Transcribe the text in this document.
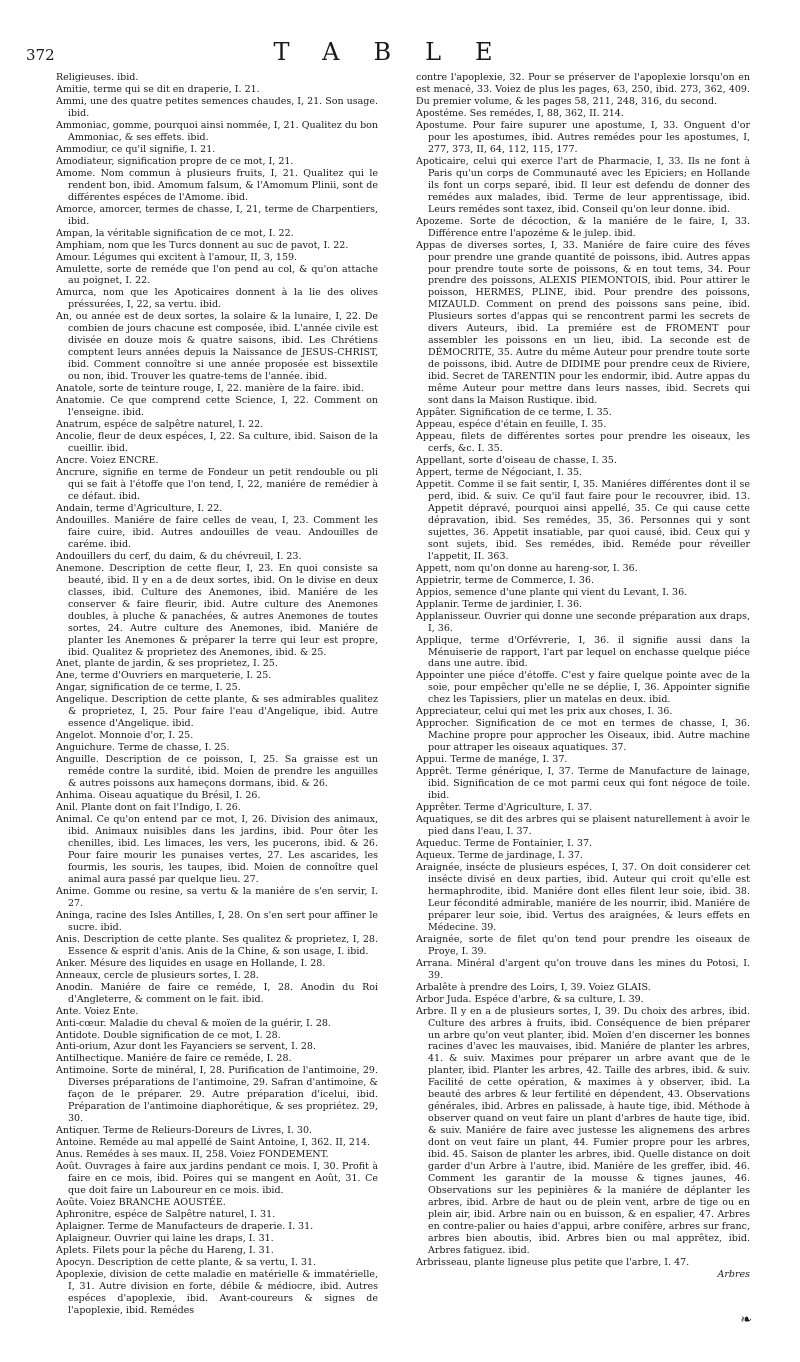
372	TABLE

Religieuses. ibid.

Amitie, terme qui se dit en draperie, I. 21.

Ammi, une des quatre petites semences chaudes, I, 21. Son usage. ibid.

Ammoniac, gomme, pourquoi ainsi nommée, I, 21. Qualitez du bon Ammoniac, & ses effets. ibid.

Ammodiur, ce qu'il signifie, I. 21.

Amodiateur, signification propre de ce mot, I, 21.

Amome. Nom commun à plusieurs fruits, I, 21. Qualitez qui le rendent bon, ibid. Amomum falsum, & l'Amomum Plinii, sont de différentes espéces de l'Amome. ibid.

Amorce, amorcer, termes de chasse, I, 21, terme de Charpentiers, ibid.

Ampan, la véritable signification de ce mot, I. 22.

Amphiam, nom que les Turcs donnent au suc de pavot, I. 22.

Amour. Légumes qui excitent à l'amour, II, 3, 159.

Amulette, sorte de reméde que l'on pend au col, & qu'on attache au poignet, I. 22.

Amurca, nom que les Apoticaires donnent à la lie des olives préssurées, I, 22, sa vertu. ibid.

An, ou année est de deux sortes, la solaire & la lunaire, I, 22. De combien de jours chacune est composée, ibid. L'année civile est divisée en douze mois & quatre saisons, ibid. Les Chrétiens comptent leurs années depuis la Naissance de JESUS-CHRIST, ibid. Comment connoître si une année proposée est bissextile ou non, ibid. Trouver les quatre-tems de l'année. ibid.

Anatole, sorte de teinture rouge, I, 22. manière de la faire. ibid.

Anatomie. Ce que comprend cette Science, I, 22. Comment on l'enseigne. ibid.

Anatrum, espéce de salpêtre naturel, I. 22.

Ancolie, fleur de deux espéces, I, 22. Sa culture, ibid. Saison de la cueillir. ibid.

Ancre. Voiez ENCRE.

Ancrure, signifie en terme de Fondeur un petit rendouble ou pli qui se fait à l'étoffe que l'on tend, I, 22, maniére de remédier à ce défaut. ibid.

Andain, terme d'Agriculture, I. 22.

Andouilles. Maniére de faire celles de veau, I, 23. Comment les faire cuire, ibid. Autres andouilles de veau. Andouilles de caréme. ibid.

Andouillers du cerf, du daim, & du chévreuil, I. 23.

Anemone. Description de cette fleur, I, 23. En quoi consiste sa beauté, ibid. Il y en a de deux sortes, ibid. On le divise en deux classes, ibid. Culture des Anemones, ibid. Maniére de les conserver & faire fleurir, ibid. Autre culture des Anemones doubles, à pluche & panachées, & autres Anemones de toutes sortes, 24. Autre culture des Anemones, ibid. Maniére de planter les Anemones & préparer la terre qui leur est propre, ibid. Qualitez & proprietez des Anemones, ibid. & 25.

Anet, plante de jardin, & ses proprietez, I. 25.

Ane, terme d'Ouvriers en marqueterie, I. 25.

Angar, signification de ce terme, I. 25.

Angelique. Description de cette plante, & ses admirables qualitez & proprietez, I, 25. Pour faire l'eau d'Angelique, ibid. Autre essence d'Angelique. ibid.

Angelot. Monnoie d'or, I. 25.

Anguichure. Terme de chasse, I. 25.

Anguille. Description de ce poisson, I, 25. Sa graisse est un reméde contre la surdité, ibid. Moien de prendre les anguilles & autres poissons aux hameçons dormans, ibid. & 26.

Anhima. Oiseau aquatique du Brésil, I. 26.

Anil. Plante dont on fait l'Indigo, I. 26.

Animal. Ce qu'on entend par ce mot, I, 26. Division des animaux, ibid. Animaux nuisibles dans les jardins, ibid. Pour ôter les chenilles, ibid. Les limaces, les vers, les pucerons, ibid. & 26. Pour faire mourir les punaises vertes, 27. Les ascarides, les fourmis, les souris, les taupes, ibid. Moien de connoître quel animal aura passé par quelque lieu. 27.

Anime. Gomme ou resine, sa vertu & la maniére de s'en servir, I. 27.

Aninga, racine des Isles Antilles, I, 28. On s'en sert pour affiner le sucre. ibid.

Anis. Description de cette plante. Ses qualitez & proprietez, I, 28. Essence & esprit d'anis. Anis de la Chine, & son usage, I. ibid.

Anker. Mésure des liquides en usage en Hollande, I. 28.

Anneaux, cercle de plusieurs sortes, I. 28.

Anodin. Maniére de faire ce reméde, I, 28. Anodin du Roi d'Angleterre, & comment on le fait. ibid.

Ante. Voiez Ente.

Anti-cœur. Maladie du cheval & moïen de la guérir, I. 28.

Antidote. Double signification de ce mot, I. 28.

Anti-orium, Azur dont les Fayanciers se servent, I. 28.

Antilhectique. Maniére de faire ce reméde, I. 28.

Antimoine. Sorte de minéral, I, 28. Purification de l'antimoine, 29. Diverses préparations de l'antimoine, 29. Safran d'antimoine, & façon de le préparer. 29. Autre préparation d'icelui, ibid. Préparation de l'antimoine diaphorétique, & ses propriétez. 29, 30.

Antiquer. Terme de Relieurs-Doreurs de Livres, I. 30.

Antoine. Reméde au mal appellé de Saint Antoine, I, 362. II, 214.

Anus. Remédes à ses maux. II, 258. Voiez FONDEMENT.

Août. Ouvrages à faire aux jardins pendant ce mois. I, 30. Profit à faire en ce mois, ibid. Poires qui se mangent en Août, 31. Ce que doit faire un Laboureur en ce mois. ibid.

Aoûte. Voiez BRANCHE AOUSTÉE.

Aphronitre, espéce de Salpêtre naturel, I. 31.

Aplaigner. Terme de Manufacteurs de draperie. I. 31.

Aplaigneur. Ouvrier qui laine les draps, I. 31.

Aplets. Filets pour la pêche du Hareng, I. 31.

Apocyn. Description de cette plante, & sa vertu, I. 31.

Apoplexie, division de cette maladie en matérielle & immatérielle, I, 31. Autre division en forte, débile & médiocre, ibid. Autres espéces d'apoplexie, ibid. Avant-coureurs & signes de l'apoplexie, ibid. Remédes

contre l'apoplexie, 32. Pour se préserver de l'apoplexie lorsqu'on en est menacé, 33. Voiez de plus les pages, 63, 250, ibid. 273, 362, 409. Du premier volume, & les pages 58, 211, 248, 316, du second.

Apostéme. Ses remédes, I, 88, 362, II. 214.

Apostume. Pour faire supurer une apostume, I, 33. Onguent d'or pour les apostumes, ibid. Autres remédes pour les apostumes, I, 277, 373, II, 64, 112, 115, 177.

Apoticaire, celui qui exerce l'art de Pharmacie, I, 33. Ils ne font à Paris qu'un corps de Communauté avec les Epiciers; en Hollande ils font un corps separé, ibid. Il leur est defendu de donner des remédes aux malades, ibid. Terme de leur apprentissage, ibid. Leurs remédes sont taxez, ibid. Conseil qu'on leur donne. ibid.

Apozeme. Sorte de décoction, & la maniére de le faire, I, 33. Différence entre l'apozéme & le julep. ibid.

Appas de diverses sortes, I, 33. Maniére de faire cuire des féves pour prendre une grande quantité de poissons, ibid. Autres appas pour prendre toute sorte de poissons, & en tout tems, 34. Pour prendre des poissons, ALEXIS PIEMONTOIS, ibid. Pour attirer le poisson, HERMES, PLINE, ibid. Pour prendre des poissons, MIZAULD. Comment on prend des poissons sans peine, ibid. Plusieurs sortes d'appas qui se rencontrent parmi les secrets de divers Auteurs, ibid. La premiére est de FROMENT pour assembler les poissons en un lieu, ibid. La seconde est de DÉMOCRITE, 35. Autre du même Auteur pour prendre toute sorte de poissons, ibid. Autre de DIDIME pour prendre ceux de Riviere, ibid. Secret de TARENTIN pour les endormir, ibid. Autre appas du même Auteur pour mettre dans leurs nasses, ibid. Secrets qui sont dans la Maison Rustique. ibid.

Appâter. Signification de ce terme, I. 35.

Appeau, espéce d'étain en feuille, I. 35.

Appeau, filets de différentes sortes pour prendre les oiseaux, les cerfs, &c. I. 35.

Appellant, sorte d'oiseau de chasse, I. 35.

Appert, terme de Négociant, I. 35.

Appetit. Comme il se fait sentir, I, 35. Maniéres différentes dont il se perd, ibid. & suiv. Ce qu'il faut faire pour le recouvrer, ibid. 13. Appetit dépravé, pourquoi ainsi appellé, 35. Ce qui cause cette dépravation, ibid. Ses remédes, 35, 36. Personnes qui y sont sujettes, 36. Appetit insatiable, par quoi causé, ibid. Ceux qui y sont sujets, ibid. Ses remédes, ibid. Reméde pour réveiller l'appetit, II. 363.

Appett, nom qu'on donne au hareng-sor, I. 36.

Appietrir, terme de Commerce, I. 36.

Appios, semence d'une plante qui vient du Levant, I. 36.

Applanir. Terme de jardinier, I. 36.

Applanisseur. Ouvrier qui donne une seconde préparation aux draps, I, 36.

Applique, terme d'Orfévrerie, I, 36. il signifie aussi dans la Ménuiserie de rapport, l'art par lequel on enchasse quelque piéce dans une autre. ibid.

Appointer une piéce d'étoffe. C'est y faire quelque pointe avec de la soie, pour empêcher qu'elle ne se déplie, I, 36. Appointer signifie chez les Tapissiers, plier un matelas en deux. ibid.

Appreciateur, celui qui met les prix aux choses, I. 36.

Approcher. Signification de ce mot en termes de chasse, I, 36. Machine propre pour approcher les Oiseaux, ibid. Autre machine pour attraper les oiseaux aquatiques. 37.

Appui. Terme de manége, I. 37.

Apprêt. Terme générique, I, 37. Terme de Manufacture de lainage, ibid. Signification de ce mot parmi ceux qui font négoce de toile. ibid.

Apprêter. Terme d'Agriculture, I. 37.

Aquatiques, se dit des arbres qui se plaisent naturellement à avoir le pied dans l'eau, I. 37.

Aqueduc. Terme de Fontainier, I. 37.

Aqueux. Terme de jardinage, I. 37.

Araignée, insécte de plusieurs espéces, I, 37. On doit considerer cet insécte divisé en deux parties, ibid. Auteur qui croit qu'elle est hermaphrodite, ibid. Maniére dont elles filent leur soie, ibid. 38. Leur fécondité admirable, maniére de les nourrir, ibid. Maniére de préparer leur soie, ibid. Vertus des araignées, & leurs effets en Médecine. 39.

Araignée, sorte de filet qu'on tend pour prendre les oiseaux de Proye, I. 39.

Arrana. Minéral d'argent qu'on trouve dans les mines du Potosi, I. 39.

Arbalête à prendre des Loirs, I, 39. Voiez GLAIS.

Arbor Juda. Espéce d'arbre, & sa culture, I. 39.

Arbre. Il y en a de plusieurs sortes, I, 39. Du choix des arbres, ibid. Culture des arbres à fruits, ibid. Conséquence de bien préparer un arbre qu'on veut planter, ibid. Moïen d'en discerner les bonnes racines d'avec les mauvaises, ibid. Maniére de planter les arbres, 41. & suiv. Maximes pour préparer un arbre avant que de le planter, ibid. Planter les arbres, 42. Taille des arbres, ibid. & suiv. Facilité de cette opération, & maximes à y observer, ibid. La beauté des arbres & leur fertilité en dépendent, 43. Observations générales, ibid. Arbres en palissade, à haute tige, ibid. Méthode à observer quand on veut faire un plant d'arbres de haute tige, ibid. & suiv. Maniére de faire avec justesse les alignemens des arbres dont on veut faire un plant, 44. Fumier propre pour les arbres, ibid. 45. Saison de planter les arbres, ibid. Quelle distance on doit garder d'un Arbre à l'autre, ibid. Maniére de les greffer, ibid. 46. Comment les garantir de la mousse & tignes jaunes, 46. Observations sur les pepinières & la maniére de déplanter les arbres, ibid. Arbre de haut ou de plein vent, arbre de tige ou en plein air, ibid. Arbre nain ou en buisson, & en espalier, 47. Arbres en contre-palier ou haies d'appui, arbre conifère, arbres sur franc, arbres bien aboutis, ibid. Arbres bien ou mal apprêtez, ibid. Arbres fatiguez. ibid.

Arbrisseau, plante ligneuse plus petite que l'arbre, I. 47.

Arbres
❧
